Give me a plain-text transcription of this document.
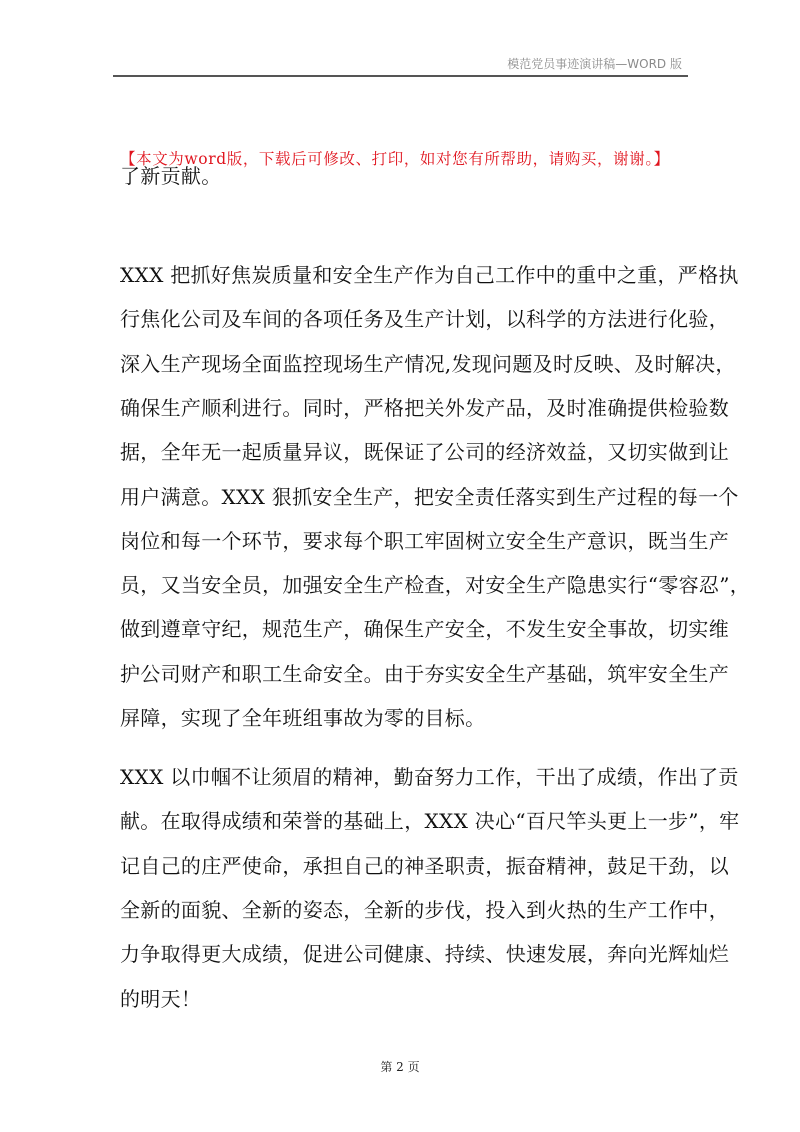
模范党员事迹演讲稿—WORD 版
【本文为word版，下载后可修改、打印，如对您有所帮助，请购买，谢谢。】
了新贡献。
XXX 把抓好焦炭质量和安全生产作为自己工作中的重中之重，严格执
行焦化公司及车间的各项任务及生产计划，以科学的方法进行化验，
深入生产现场全面监控现场生产情况,发现问题及时反映、及时解决，
确保生产顺利进行。同时，严格把关外发产品，及时准确提供检验数
据，全年无一起质量异议，既保证了公司的经济效益，又切实做到让
用户满意。XXX 狠抓安全生产，把安全责任落实到生产过程的每一个
岗位和每一个环节，要求每个职工牢固树立安全生产意识，既当生产
员，又当安全员，加强安全生产检查，对安全生产隐患实行“零容忍”，
做到遵章守纪，规范生产，确保生产安全，不发生安全事故，切实维
护公司财产和职工生命安全。由于夯实安全生产基础，筑牢安全生产
屏障，实现了全年班组事故为零的目标。
XXX 以巾帼不让须眉的精神，勤奋努力工作，干出了成绩，作出了贡
献。在取得成绩和荣誉的基础上，XXX 决心“百尺竿头更上一步”，牢
记自己的庄严使命，承担自己的神圣职责，振奋精神，鼓足干劲，以
全新的面貌、全新的姿态，全新的步伐，投入到火热的生产工作中，
力争取得更大成绩，促进公司健康、持续、快速发展，奔向光辉灿烂
的明天！
第 2 页
